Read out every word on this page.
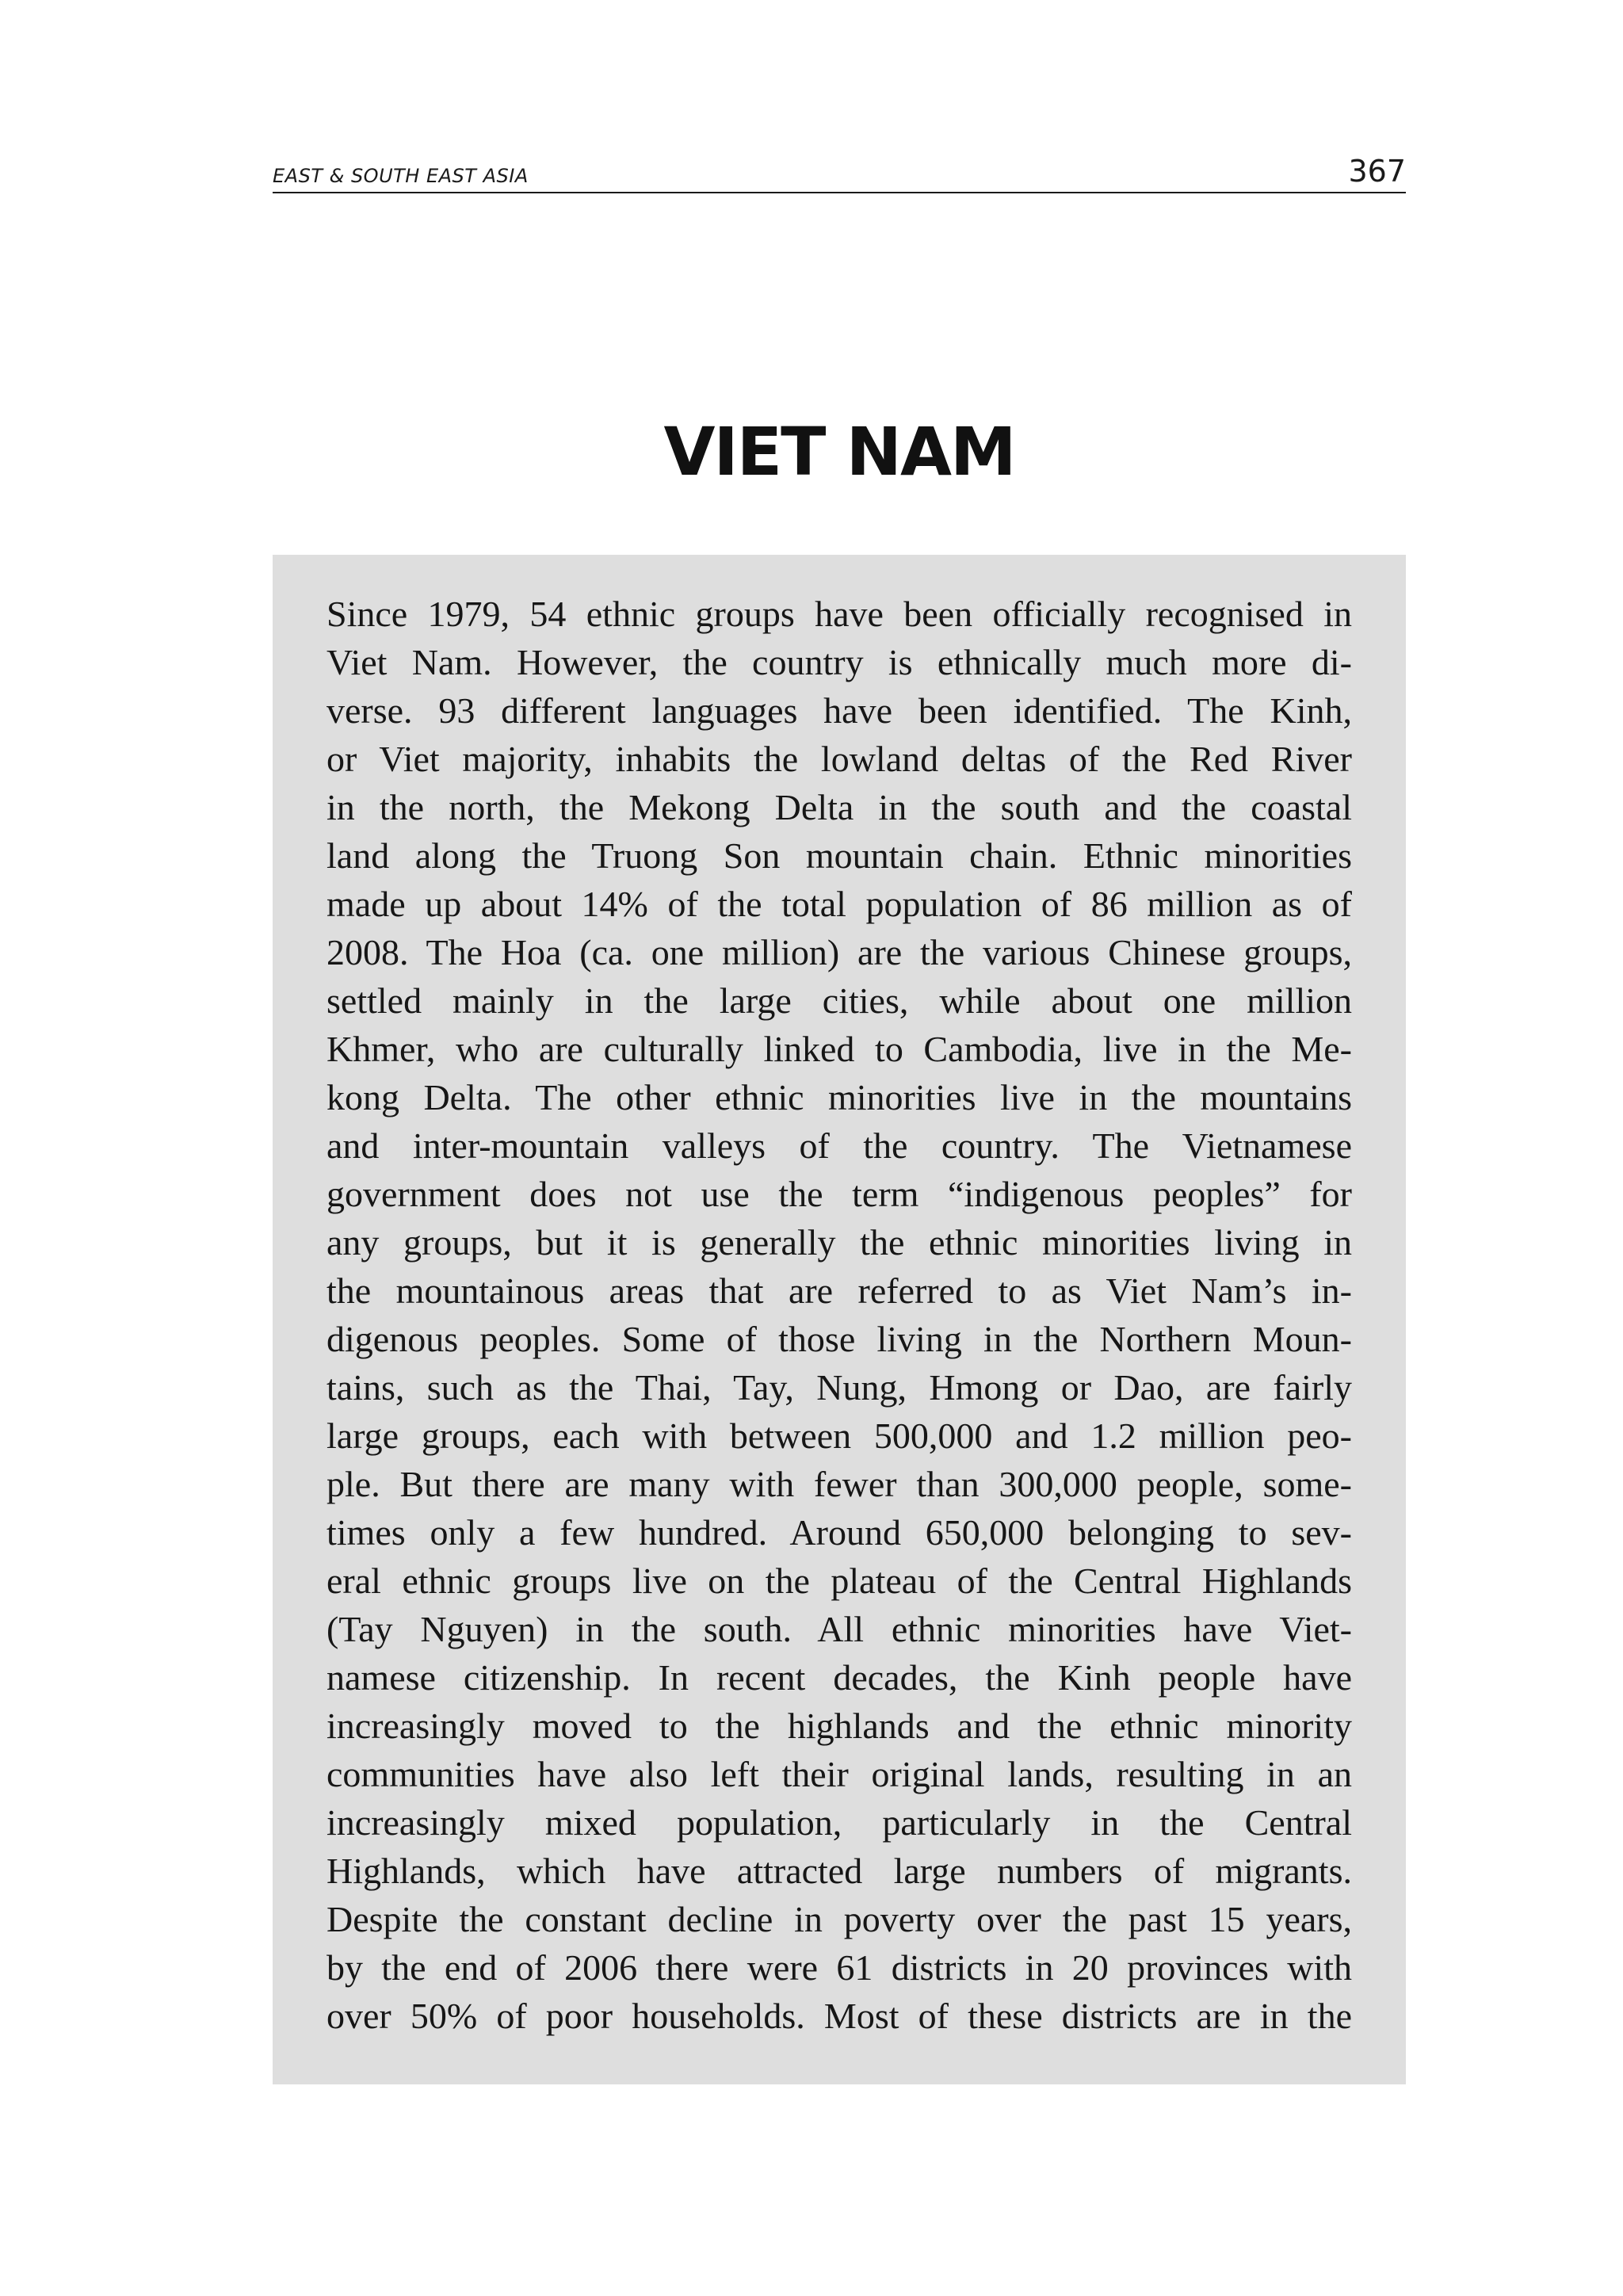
EAST & SOUTH EAST ASIA	367
VIET NAM

Since 1979, 54 ethnic groups have been officially recognised in
Viet Nam. However, the country is ethnically much more di-
verse. 93 different languages have been identified. The Kinh,
or Viet majority, inhabits the lowland deltas of the Red River
in the north, the Mekong Delta in the south and the coastal
land along the Truong Son mountain chain. Ethnic minorities
made up about 14% of the total population of 86 million as of
2008. The Hoa (ca. one million) are the various Chinese groups,
settled mainly in the large cities, while about one million
Khmer, who are culturally linked to Cambodia, live in the Me-
kong Delta. The other ethnic minorities live in the mountains
and inter-mountain valleys of the country. The Vietnamese
government does not use the term “indigenous peoples” for
any groups, but it is generally the ethnic minorities living in
the mountainous areas that are referred to as Viet Nam’s in-
digenous peoples. Some of those living in the Northern Moun-
tains, such as the Thai, Tay, Nung, Hmong or Dao, are fairly
large groups, each with between 500,000 and 1.2 million peo-
ple. But there are many with fewer than 300,000 people, some-
times only a few hundred. Around 650,000 belonging to sev-
eral ethnic groups live on the plateau of the Central Highlands
(Tay Nguyen) in the south. All ethnic minorities have Viet-
namese citizenship. In recent decades, the Kinh people have
increasingly moved to the highlands and the ethnic minority
communities have also left their original lands, resulting in an
increasingly mixed population, particularly in the Central
Highlands, which have attracted large numbers of migrants.
Despite the constant decline in poverty over the past 15 years,
by the end of 2006 there were 61 districts in 20 provinces with
over 50% of poor households. Most of these districts are in the
